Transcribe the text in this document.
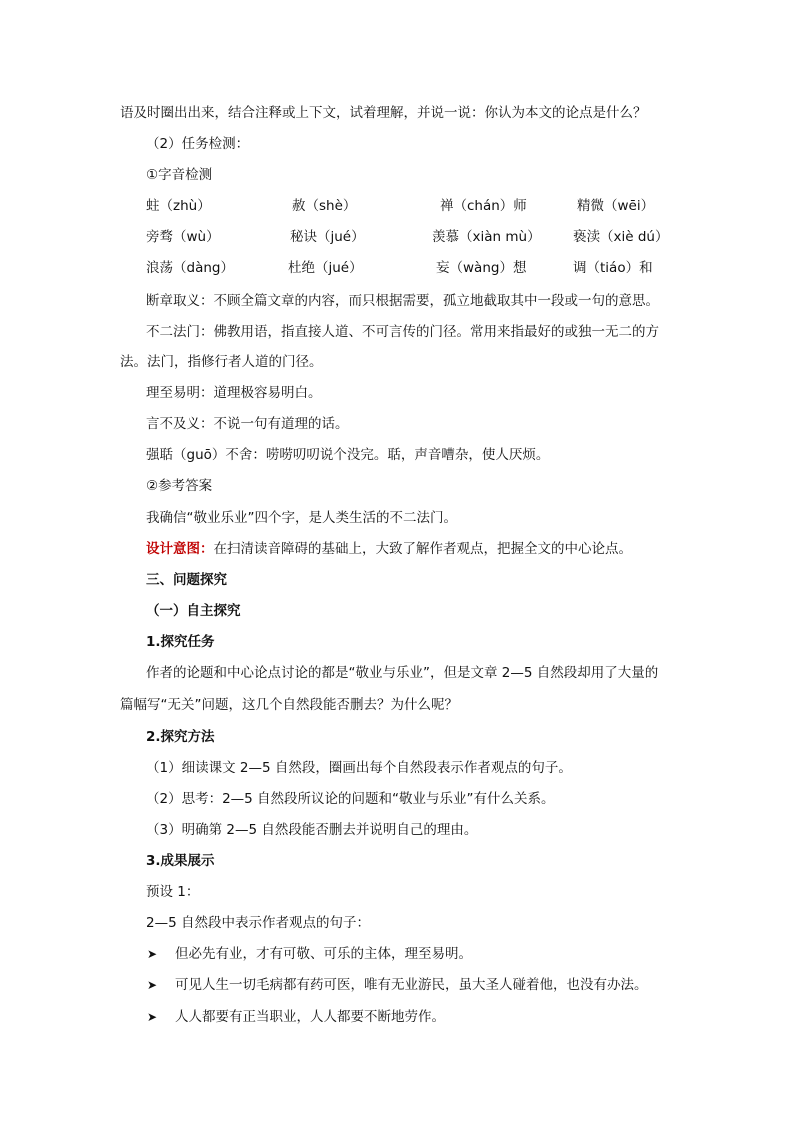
语及时圈出出来，结合注释或上下文，试着理解，并说一说：你认为本文的论点是什么？
（2）任务检测：
①字音检测
蛀（zhù）	赦（shè）	禅（chán）师	精微（wēi）
旁骛（wù）	秘诀（jué）	羡慕（xiàn mù） 亵渎（xiè dú）
浪荡（dàng）	杜绝（jué）	妄（wàng）想	调（tiáo）和
断章取义：不顾全篇文章的内容，而只根据需要，孤立地截取其中一段或一句的意思。
不二法门：佛教用语，指直接人道、不可言传的门径。常用来指最好的或独一无二的方
法。法门，指修行者人道的门径。
理至易明：道理极容易明白。
言不及义：不说一句有道理的话。
强聒（guō）不舍：唠唠叨叨说个没完。聒，声音嘈杂，使人厌烦。
②参考答案
我确信“敬业乐业”四个字，是人类生活的不二法门。
设计意图：在扫清读音障碍的基础上，大致了解作者观点，把握全文的中心论点。
三、问题探究
（一）自主探究
1.探究任务
作者的论题和中心论点讨论的都是“敬业与乐业”，但是文章 2—5 自然段却用了大量的
篇幅写“无关”问题，这几个自然段能否删去？为什么呢？
2.探究方法
（1）细读课文 2—5 自然段，圈画出每个自然段表示作者观点的句子。
（2）思考：2—5 自然段所议论的问题和“敬业与乐业”有什么关系。
（3）明确第 2—5 自然段能否删去并说明自己的理由。
3.成果展示
预设 1：
2—5 自然段中表示作者观点的句子：
➤ 但必先有业，才有可敬、可乐的主体，理至易明。
➤ 可见人生一切毛病都有药可医，唯有无业游民，虽大圣人碰着他，也没有办法。
➤ 人人都要有正当职业，人人都要不断地劳作。
